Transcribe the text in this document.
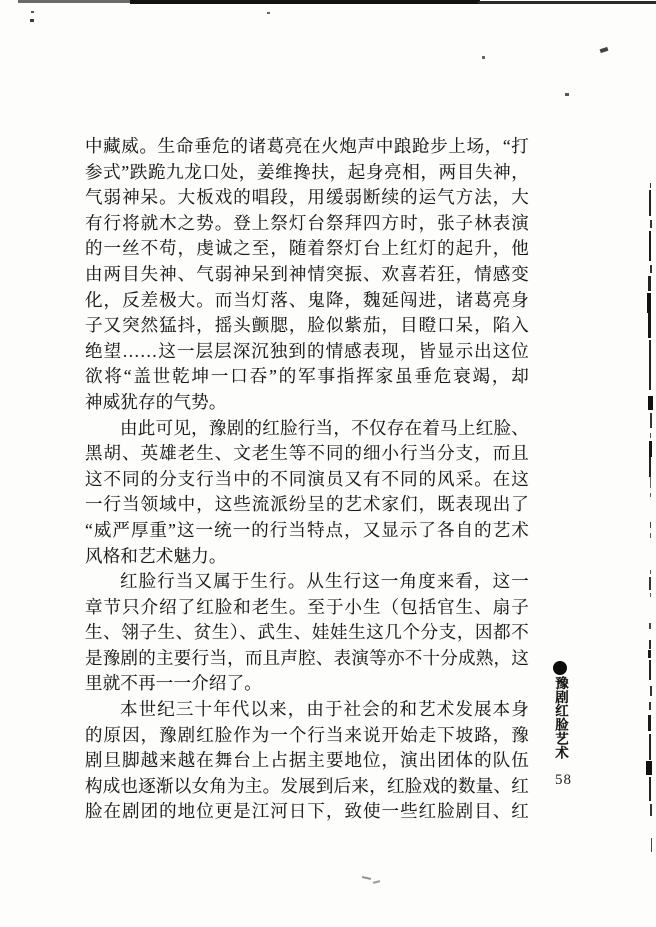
中藏威。生命垂危的诸葛亮在火炮声中踉跄步上场，“打
参式”跌跪九龙口处，姜维搀扶，起身亮相，两目失神，
气弱神呆。大板戏的唱段，用缓弱断续的运气方法，大
有行将就木之势。登上祭灯台祭拜四方时，张子林表演
的一丝不苟，虔诚之至，随着祭灯台上红灯的起升，他
由两目失神、气弱神呆到神情突振、欢喜若狂，情感变
化，反差极大。而当灯落、鬼降，魏延闯进，诸葛亮身
子又突然猛抖，摇头颤腮，脸似紫茄，目瞪口呆，陷入
绝望……这一层层深沉独到的情感表现，皆显示出这位
欲将“盖世乾坤一口吞”的军事指挥家虽垂危衰竭，却
神威犹存的气势。
由此可见，豫剧的红脸行当，不仅存在着马上红脸、
黑胡、英雄老生、文老生等不同的细小行当分支，而且
这不同的分支行当中的不同演员又有不同的风采。在这
一行当领域中，这些流派纷呈的艺术家们，既表现出了
“威严厚重”这一统一的行当特点，又显示了各自的艺术
风格和艺术魅力。
红脸行当又属于生行。从生行这一角度来看，这一
章节只介绍了红脸和老生。至于小生（包括官生、扇子
生、翎子生、贫生）、武生、娃娃生这几个分支，因都不
是豫剧的主要行当，而且声腔、表演等亦不十分成熟，这
里就不再一一介绍了。
本世纪三十年代以来，由于社会的和艺术发展本身
的原因，豫剧红脸作为一个行当来说开始走下坡路，豫
剧旦脚越来越在舞台上占据主要地位，演出团体的队伍
构成也逐渐以女角为主。发展到后来，红脸戏的数量、红
脸在剧团的地位更是江河日下，致使一些红脸剧目、红
豫剧红脸艺术
58
